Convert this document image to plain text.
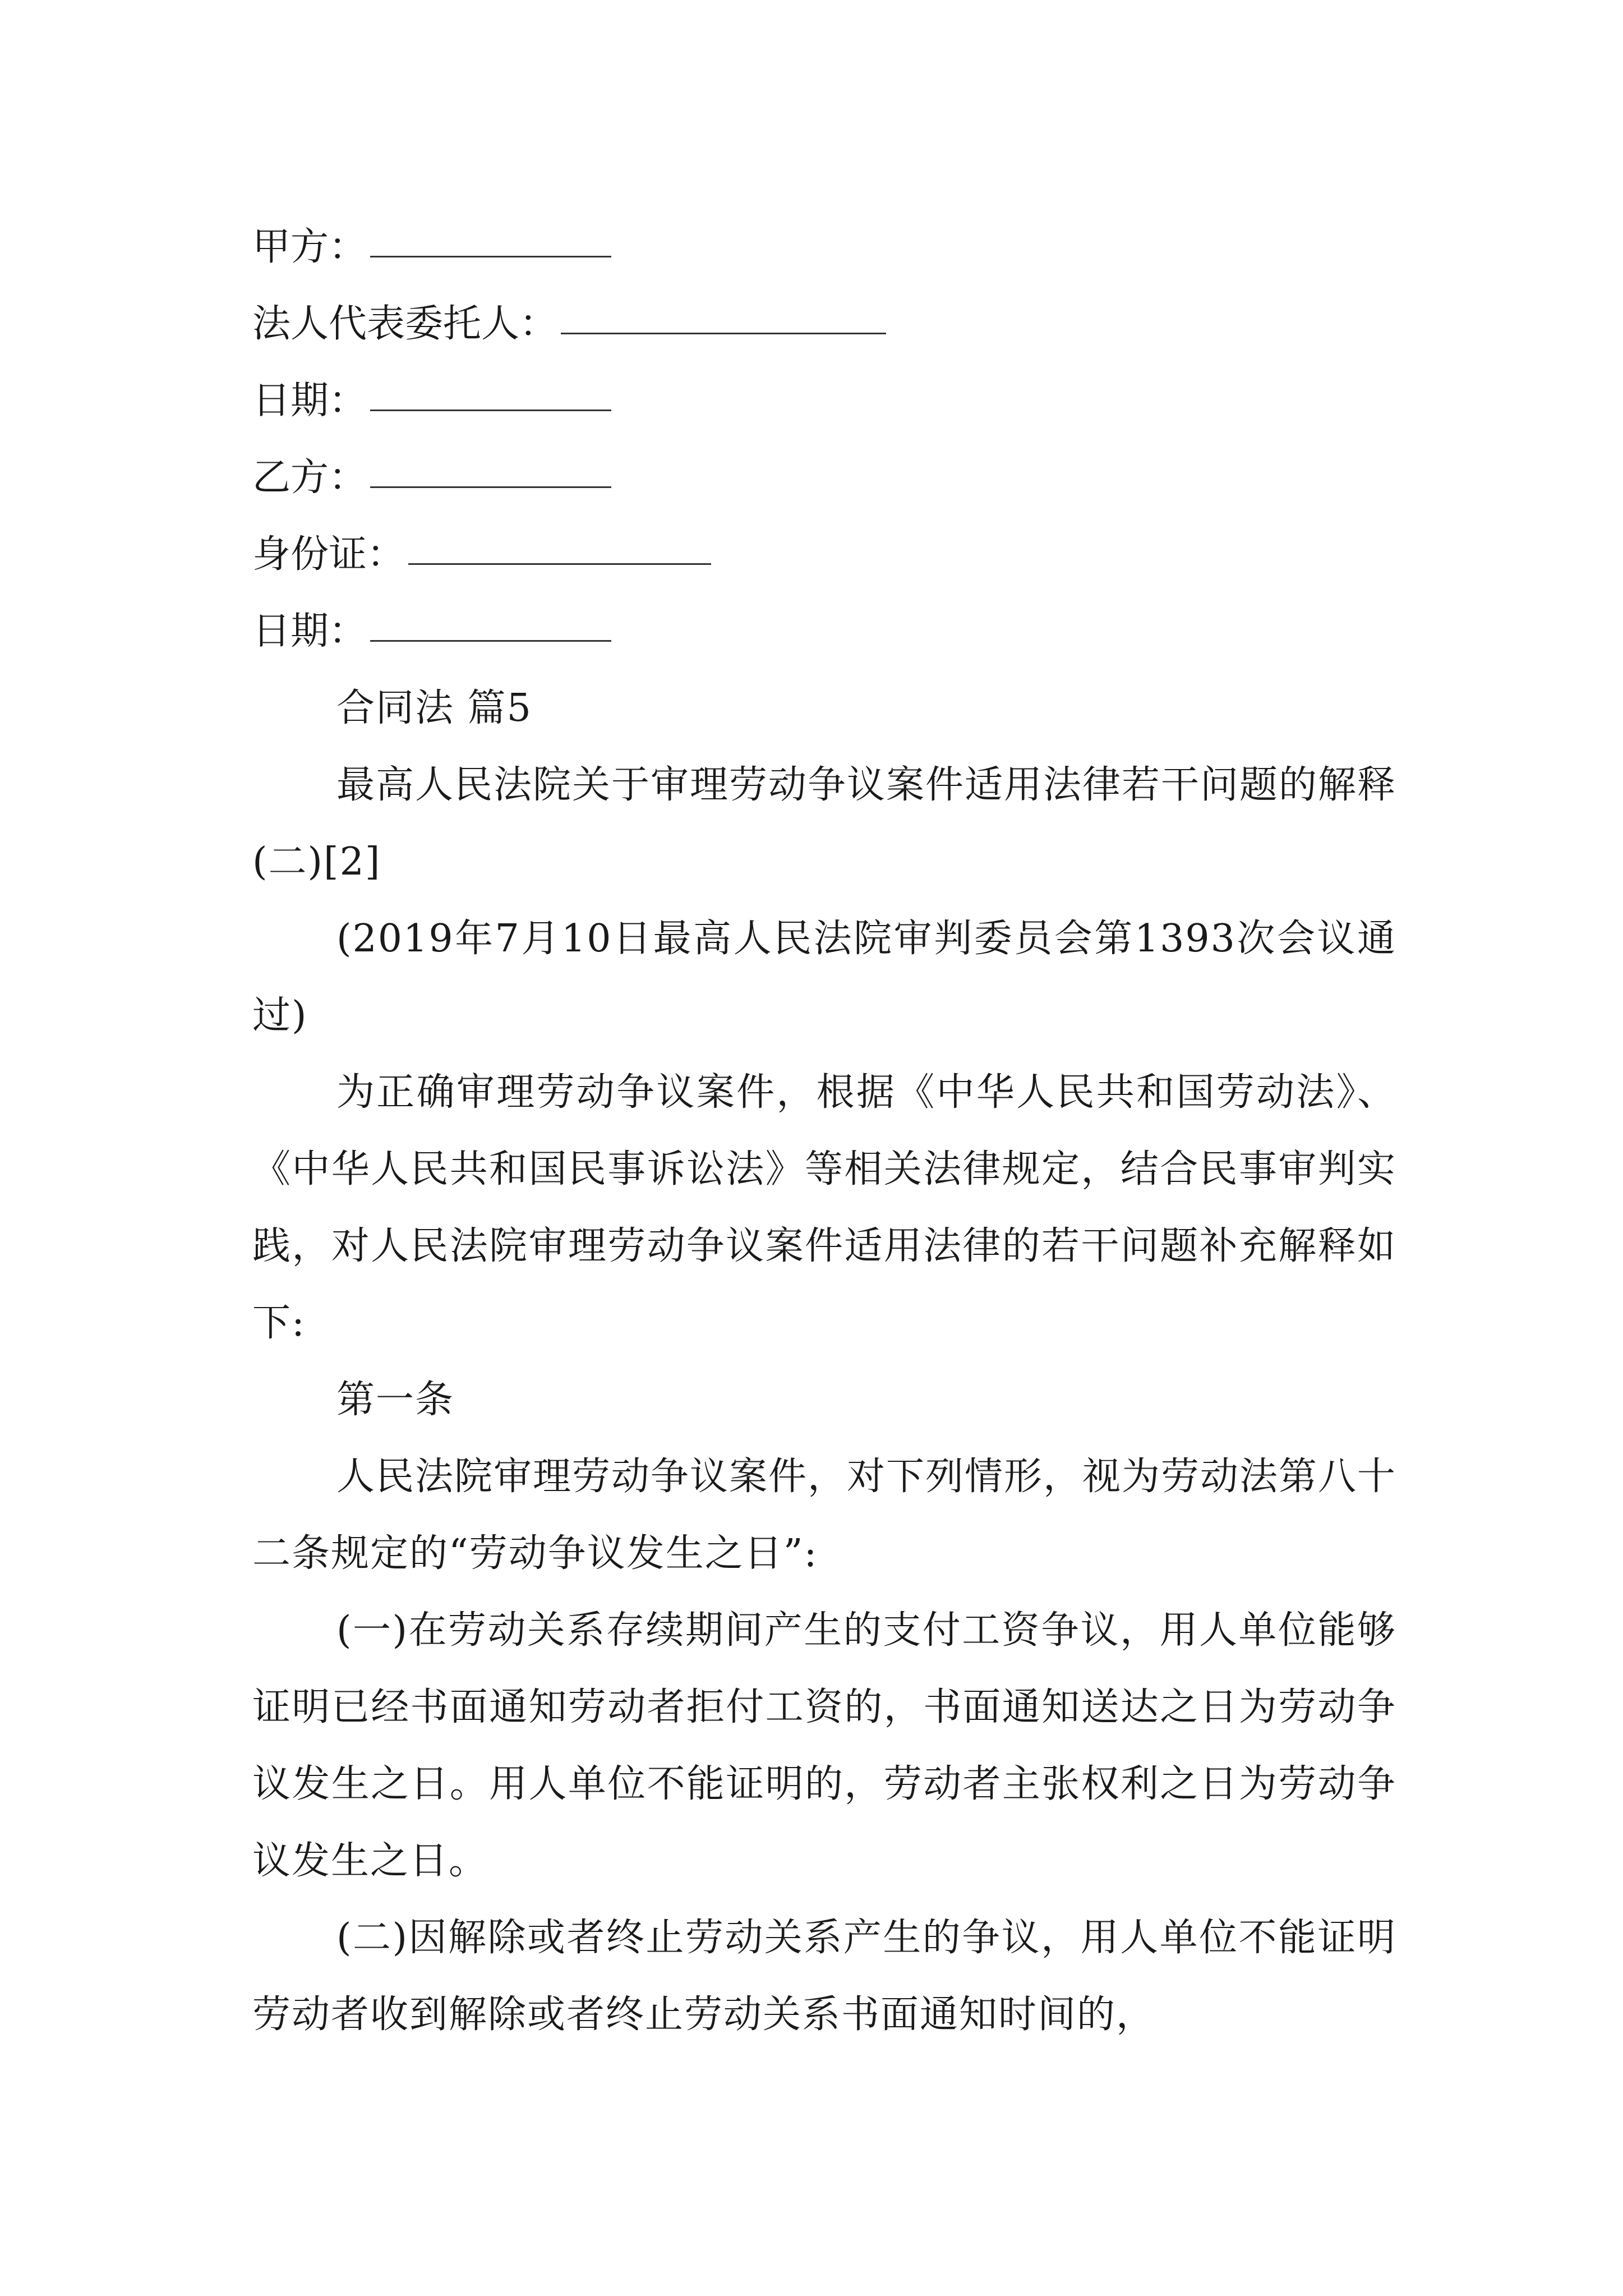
甲方：
法人代表委托人：
日期：
乙方：
身份证：
日期：
合同法 篇5

最高人民法院关于审理劳动争议案件适用法律若干问题的解释(二)[2]

(2019年7月10日最高人民法院审判委员会第1393次会议通过)

为正确审理劳动争议案件，根据《中华人民共和国劳动法》、《中华人民共和国民事诉讼法》等相关法律规定，结合民事审判实践，对人民法院审理劳动争议案件适用法律的若干问题补充解释如下:

第一条

人民法院审理劳动争议案件，对下列情形，视为劳动法第八十二条规定的“劳动争议发生之日”:

(一)在劳动关系存续期间产生的支付工资争议，用人单位能够证明已经书面通知劳动者拒付工资的，书面通知送达之日为劳动争议发生之日。用人单位不能证明的，劳动者主张权利之日为劳动争议发生之日。

(二)因解除或者终止劳动关系产生的争议，用人单位不能证明劳动者收到解除或者终止劳动关系书面通知时间的，
